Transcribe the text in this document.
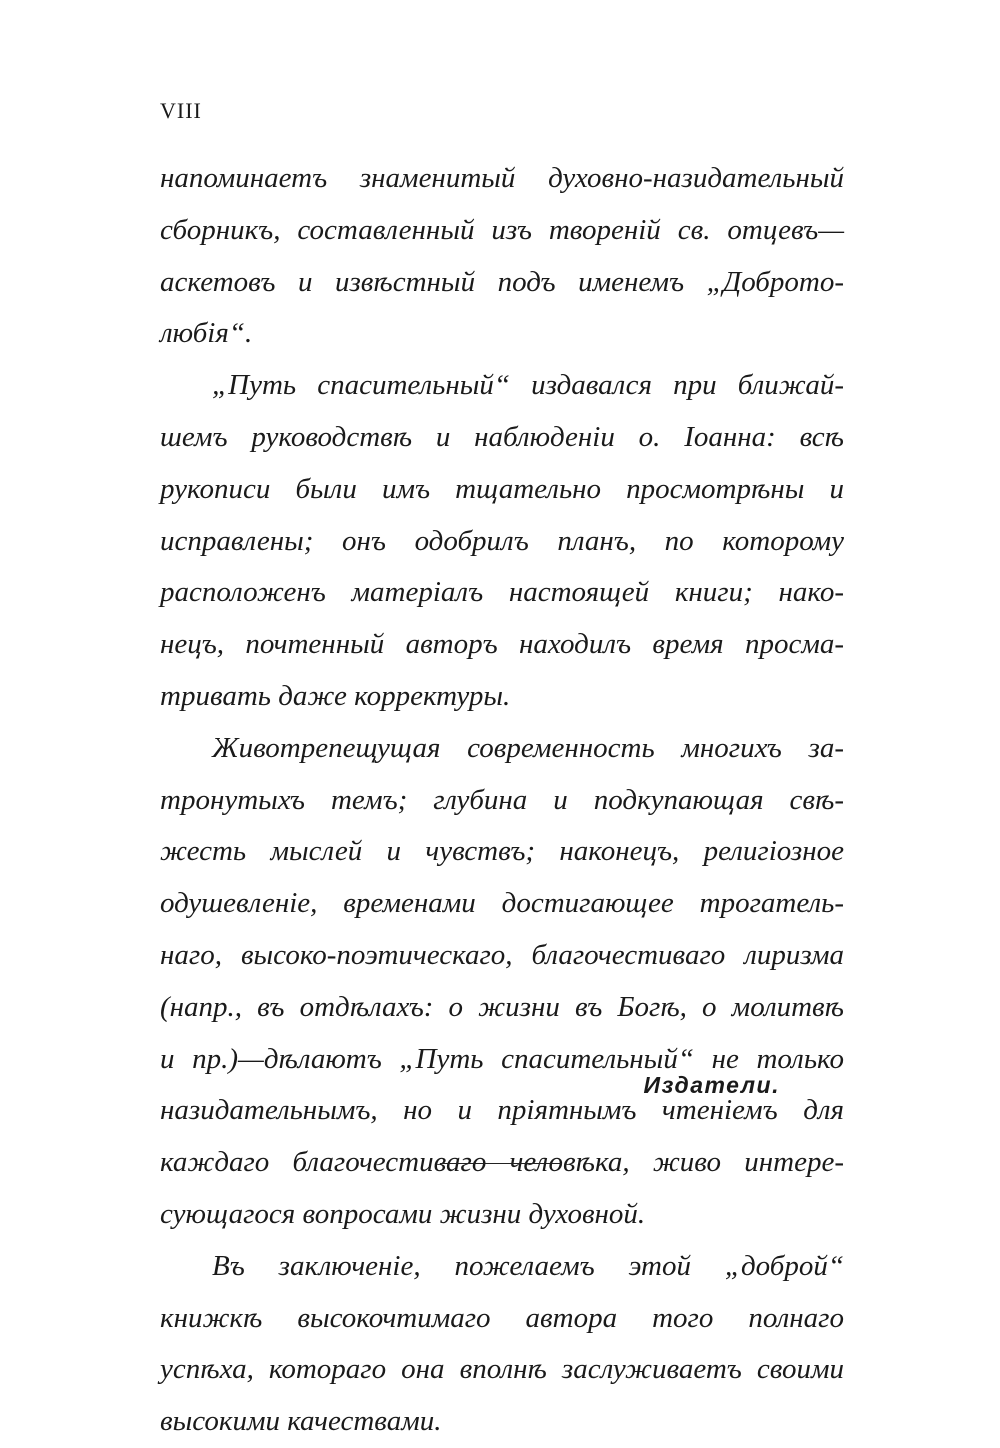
VIII
напоминаетъ знаменитый духовно-назидательный
сборникъ, составленный изъ твореній св. отцевъ—
аскетовъ и извѣстный подъ именемъ „Доброто-
любія“.
„Путь спасительный“ издавался при ближай-
шемъ руководствѣ и наблюденіи о. Іоанна: всѣ
рукописи были имъ тщательно просмотрѣны и
исправлены; онъ одобрилъ планъ, по которому
расположенъ матеріалъ настоящей книги; нако-
нецъ, почтенный авторъ находилъ время просма-
тривать даже корректуры.
Животрепещущая современность многихъ за-
тронутыхъ темъ; глубина и подкупающая свѣ-
жесть мыслей и чувствъ; наконецъ, религіозное
одушевленіе, временами достигающее трогатель-
наго, высоко-поэтическаго, благочестиваго лиризма
(напр., въ отдѣлахъ: о жизни въ Богѣ, о молитвѣ
и пр.)—дѣлаютъ „Путь спасительный“ не только
назидательнымъ, но и пріятнымъ чтеніемъ для
каждаго благочестиваго человѣка, живо интере-
сующагося вопросами жизни духовной.
Въ заключеніе, пожелаемъ этой „доброй“
книжкѣ высокочтимаго автора того полнаго
успѣха, котораго она вполнѣ заслуживаетъ своими
высокими качествами.
Издатели.
